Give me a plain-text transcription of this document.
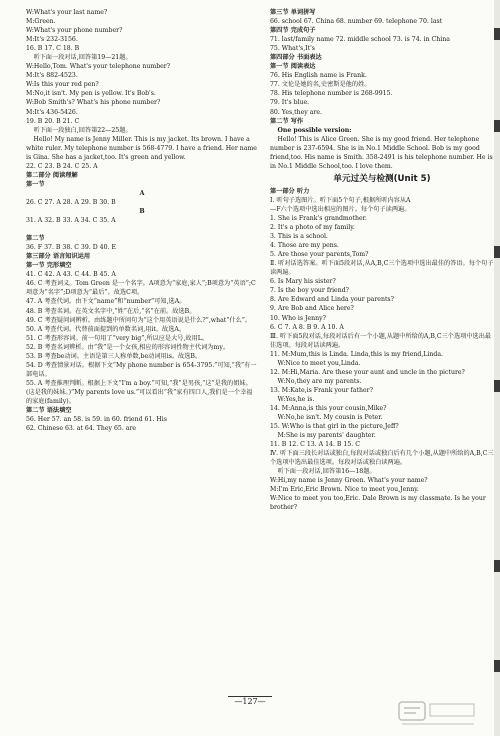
W:What's your last name?
M:Green.
W:What's your phone number?
M:It's 232-3156.
16. B 17. C 18. B
听下面一段对话,回答第19—21题。
W:Hello,Tom. What's your telephone number?
M:It's 882-4523.
W:Is this your red pen?
M:No,it isn't. My pen is yellow. It's Bob's.
W:Bob Smith's? What's his phone number?
M:It's 436-5426.
19. B 20. B 21. C
听下面一段独白,回答第22—25题。
Hello! My name is Jenny Miller. This is my jacket. Its brown. I have a white ruler. My telephone number is 568-4779. I have a friend. Her name is Gina. She has a jacket,too. It's green and yellow.
22. C 23. B 24. C 25. A
第二部分 阅读理解
第一节
A
26. C 27. A 28. A 29. B 30. B
B
31. A 32. B 33. A 34. C 35. A
第二节
36. F 37. B 38. C 39. D 40. E
第三部分 语言知识运用
第一节 完形填空
41. C 42. A 43. C 44. B 45. A
46. C 考查词义。Tom Green 是一个名字。A项意为“家庭,家人”;B项意为“英语”;C项意为“名字”;D项意为“最后”。故选C项。
47. A 考查代词。由下文“name”和“number”可知,选A。
48. B 考查名词。在英文名字中,“姓”在后,“名”在前。故选B。
49. C 考查疑问词辨析。由练题中所问句为“这个用英语说是什么?”,what“什么”。
50. A 考查代词。代替前面提到的单数名词,用it。故选A。
51. C 考查形容词。前一句用了“very big”,所以应是大号,故用L。
52. B 考查名词辨析。由“我”是一个女孩,相应的形容词性物主代词为my。
53. B 考查be动词。主语是第三人称单数,be动词用is。故选B。
54. D 考查情景对话。根据下文“My phone number is 654-3795.”可知,“我”有一部电话。
55. A 考查推理判断。根据上下文“I'm a boy.”可知,“我”是男孩,“这”是我的姐妹。(这是我的妹妹。)”My parents love us.”可以看出“我”家有四口人,我们是一个幸福的家庭(family)。
第二节 语法填空
56. Her 57. an 58. is 59. in 60. friend 61. His
62. Chinese 63. at 64. They 65. are
第三节 单词拼写
66. school 67. China 68. number 69. telephone 70. last
第四节 完成句子
71. last/family name 72. middle school 73. is 74. in China
75. What's,It's
第四部分 书面表达
第一节 阅读表达
76. His English name is Frank.
77. 文伦是她的名,史密斯是他的姓。
78. His telephone number is 268-9915.
79. It's blue.
80. Yes,they are.
第二节 写作
One possible version:
Hello! This is Alice Green. She is my good friend. Her telephone number is 237-6594. She is in No.1 Middle School. Bob is my good friend,too. His name is Smith. 358-2491 is his telephone number. He is in No.1 Middle School,too. I love them.
单元过关与检测(Unit 5)
第一部分 听力
Ⅰ. 听句子选图片。听下面5个句子,根据所听内容从A
—F六个选项中选出相应的图片。每个句子读两遍。
1. She is Frank's grandmother.
2. It's a photo of my family.
3. This is a school.
4. Those are my pens.
5. Are those your parents,Tom?
Ⅱ. 听对话选答案。听下面5段对话,从A,B,C三个选项中选出最佳的答语。每个句子读两遍。
6. Is Mary his sister?
7. Is the boy your friend?
8. Are Edward and Linda your parents?
9. Are Bob and Alice here?
10. Who is Jenny?
6. C 7. A 8. B 9. A 10. A
Ⅲ. 听下面5段对话,每段对话后有一个小题,从题中所给的A,B,C三个选项中选出最佳选项。每段对话读两遍。
11. M:Mum,this is Linda. Linda,this is my friend,Linda.
W:Nice to meet you,Linda.
12. M:Hi,Maria. Are these your aunt and uncle in the picture?
W:No,they are my parents.
13. M:Kate,is Frank your father?
W:Yes,he is.
14. M:Anna,is this your cousin,Mike?
W:No,he isn't. My cousin is Peter.
15. W:Who is that girl in the picture,Jeff?
M:She is my parents' daughter.
11. B 12. C 13. A 14. B 15. C
Ⅳ. 听下面三段长对话或独白,每段对话或独白后有几个小题,从题中所给的A,B,C三个选项中选出最佳选项。每段对话或独白读两遍。
听下面一段对话,回答第16—18题。
W:Hi,my name is Jenny Green. What's your name?
M:I'm Eric,Eric Brown. Nice to meet you,Jenny.
W:Nice to meet you too,Eric. Dale Brown is my classmate. Is he your brother?
—127—
